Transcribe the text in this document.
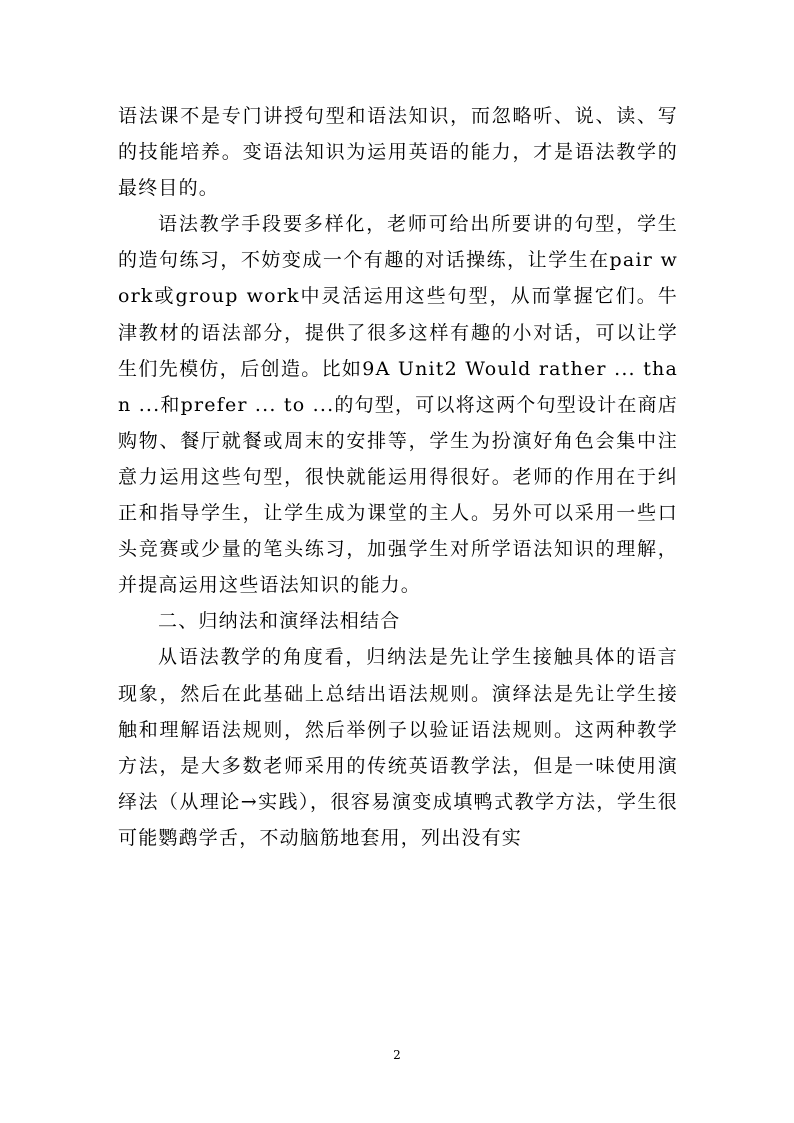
语法课不是专门讲授句型和语法知识，而忽略听、说、读、写的技能培养。变语法知识为运用英语的能力，才是语法教学的最终目的。

语法教学手段要多样化，老师可给出所要讲的句型，学生的造句练习，不妨变成一个有趣的对话操练，让学生在pair work或group work中灵活运用这些句型，从而掌握它们。牛津教材的语法部分，提供了很多这样有趣的小对话，可以让学生们先模仿，后创造。比如9A Unit2 Would rather ... than ...和prefer ... to ...的句型，可以将这两个句型设计在商店购物、餐厅就餐或周末的安排等，学生为扮演好角色会集中注意力运用这些句型，很快就能运用得很好。老师的作用在于纠正和指导学生，让学生成为课堂的主人。另外可以采用一些口头竞赛或少量的笔头练习，加强学生对所学语法知识的理解，并提高运用这些语法知识的能力。

二、归纳法和演绎法相结合

从语法教学的角度看，归纳法是先让学生接触具体的语言现象，然后在此基础上总结出语法规则。演绎法是先让学生接触和理解语法规则，然后举例子以验证语法规则。这两种教学方法，是大多数老师采用的传统英语教学法，但是一味使用演绎法（从理论→实践），很容易演变成填鸭式教学方法，学生很可能鹦鹉学舌，不动脑筋地套用，列出没有实

2
